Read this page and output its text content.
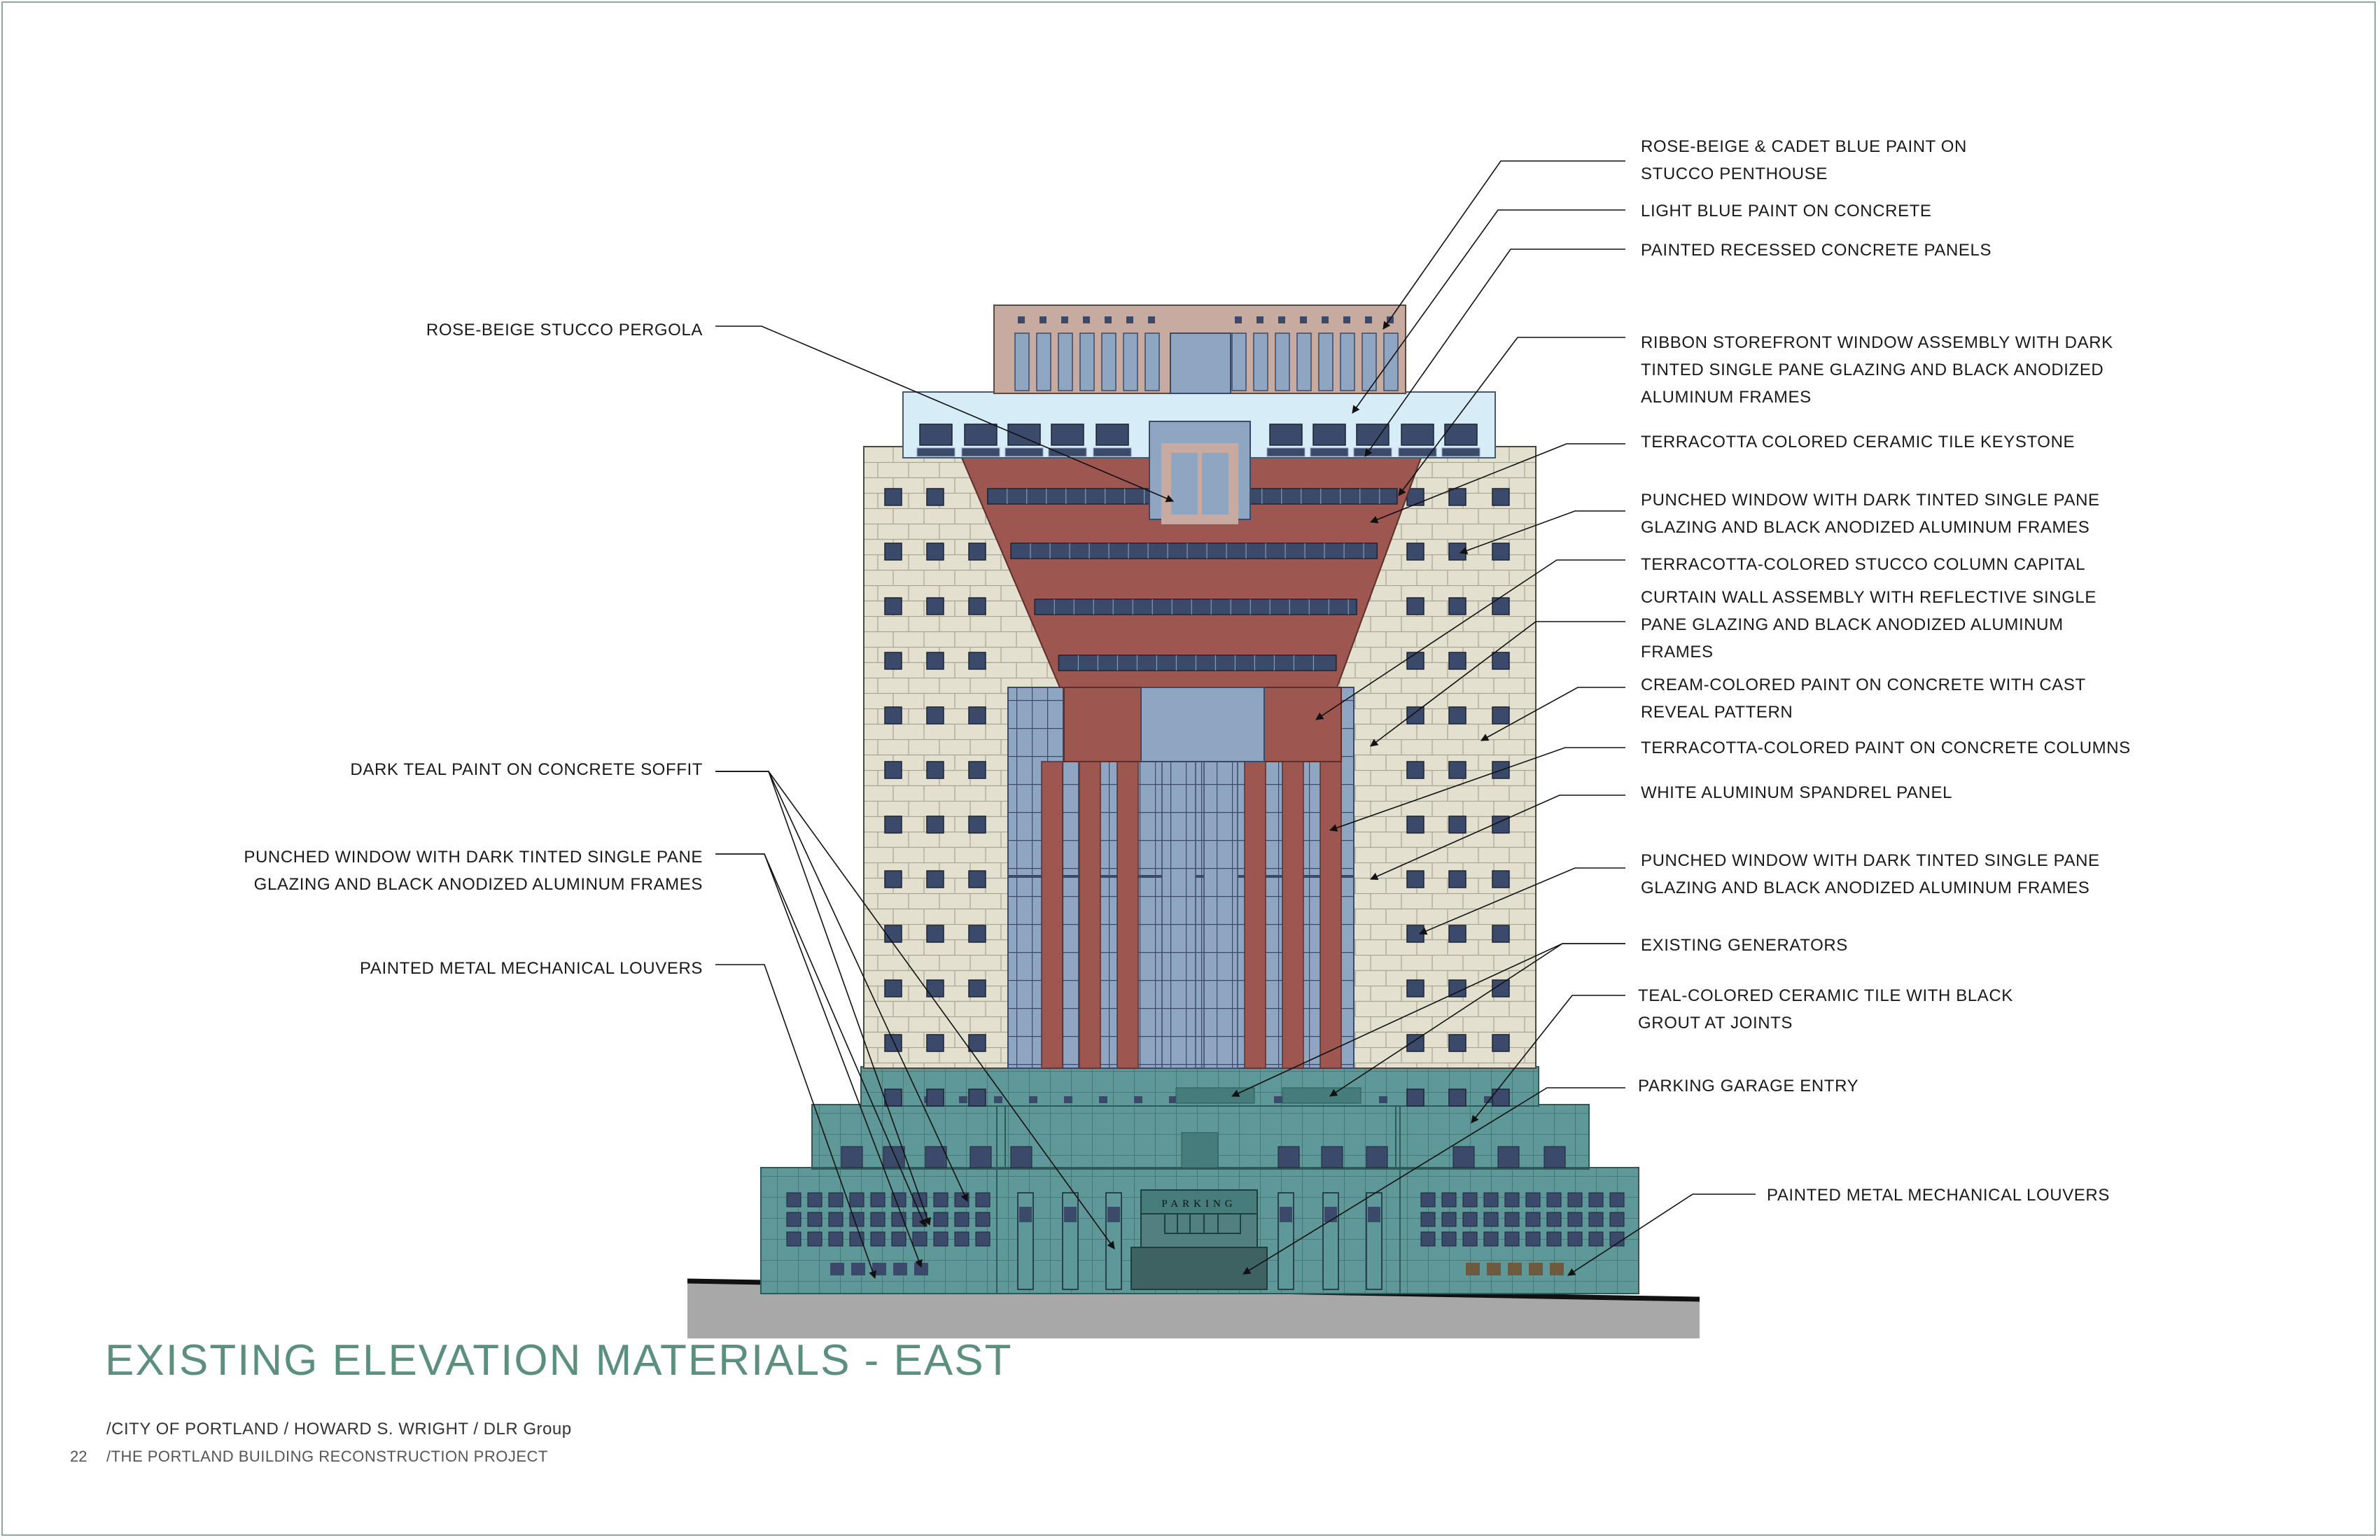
PARKING
ROSE-BEIGE & CADET BLUE PAINT ON
STUCCO PENTHOUSE
LIGHT BLUE PAINT ON CONCRETE
PAINTED RECESSED CONCRETE PANELS
RIBBON STOREFRONT WINDOW ASSEMBLY WITH DARK
TINTED SINGLE PANE GLAZING AND BLACK ANODIZED
ALUMINUM FRAMES
TERRACOTTA COLORED CERAMIC TILE KEYSTONE
PUNCHED WINDOW WITH DARK TINTED SINGLE PANE
GLAZING AND BLACK ANODIZED ALUMINUM FRAMES
TERRACOTTA-COLORED STUCCO COLUMN CAPITAL
CURTAIN WALL ASSEMBLY WITH REFLECTIVE SINGLE
PANE GLAZING AND BLACK ANODIZED ALUMINUM
FRAMES
CREAM-COLORED PAINT ON CONCRETE WITH CAST
REVEAL PATTERN
TERRACOTTA-COLORED PAINT ON CONCRETE COLUMNS
WHITE ALUMINUM SPANDREL PANEL
PUNCHED WINDOW WITH DARK TINTED SINGLE PANE
GLAZING AND BLACK ANODIZED ALUMINUM FRAMES
EXISTING GENERATORS
TEAL-COLORED CERAMIC TILE WITH BLACK
GROUT AT JOINTS
PARKING GARAGE ENTRY
PAINTED METAL MECHANICAL LOUVERS
ROSE-BEIGE STUCCO PERGOLA
DARK TEAL PAINT ON CONCRETE SOFFIT
PUNCHED WINDOW WITH DARK TINTED SINGLE PANE
GLAZING AND BLACK ANODIZED ALUMINUM FRAMES
PAINTED METAL MECHANICAL LOUVERS
EXISTING ELEVATION MATERIALS - EAST
/CITY OF PORTLAND / HOWARD S. WRIGHT / DLR Group
22 /THE PORTLAND BUILDING RECONSTRUCTION PROJECT
